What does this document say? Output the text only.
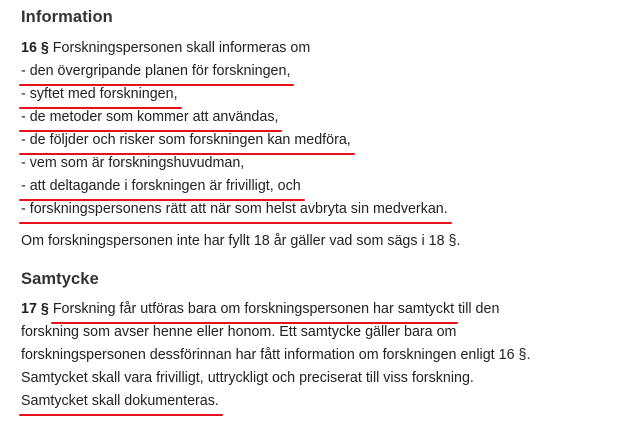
Information
16 § Forskningspersonen skall informeras om
- den övergripande planen för forskningen,
- syftet med forskningen,
- de metoder som kommer att användas,
- de följder och risker som forskningen kan medföra,
- vem som är forskningshuvudman,
- att deltagande i forskningen är frivilligt, och
- forskningspersonens rätt att när som helst avbryta sin medverkan.
Om forskningspersonen inte har fyllt 18 år gäller vad som sägs i 18 §.
Samtycke
17 § Forskning får utföras bara om forskningspersonen har samtyckt till den
forskning som avser henne eller honom. Ett samtycke gäller bara om
forskningspersonen dessförinnan har fått information om forskningen enligt 16 §.
Samtycket skall vara frivilligt, uttryckligt och preciserat till viss forskning.
Samtycket skall dokumenteras.
